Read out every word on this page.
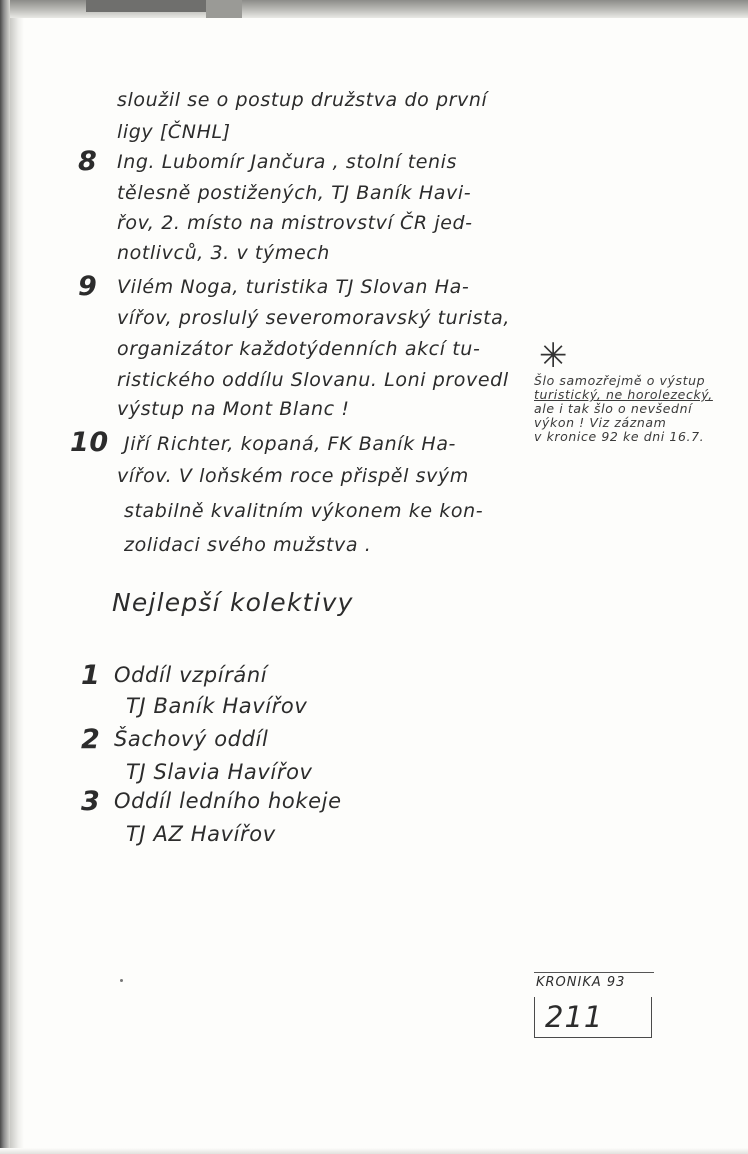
sloužil se o postup družstva do první
ligy [ČNHL]
8 Ing. Lubomír Jančura , stolní tenis
tělesně postižených, TJ Baník Havi-
řov, 2. místo na mistrovství ČR jed-
notlivců, 3. v týmech
9 Vilém Noga, turistika TJ Slovan Ha-
vířov, proslulý severomoravský turista,
organizátor každotýdenních akcí tu-
ristického oddílu Slovanu. Loni provedl
výstup na Mont Blanc !
10 Jiří Richter, kopaná, FK Baník Ha-
vířov. V loňském roce přispěl svým
stabilně kvalitním výkonem ke kon-
zolidaci svého mužstva .
✳
Šlo samozřejmě o výstup
turistický, ne horolezecký,
ale i tak šlo o nevšední
výkon ! Viz záznam
v kronice 92 ke dni 16.7.
Nejlepší kolektivy
1 Oddíl vzpírání
TJ Baník Havířov
2 Šachový oddíl
TJ Slavia Havířov
3 Oddíl ledního hokeje
TJ AZ Havířov
KRONIKA 93
211
